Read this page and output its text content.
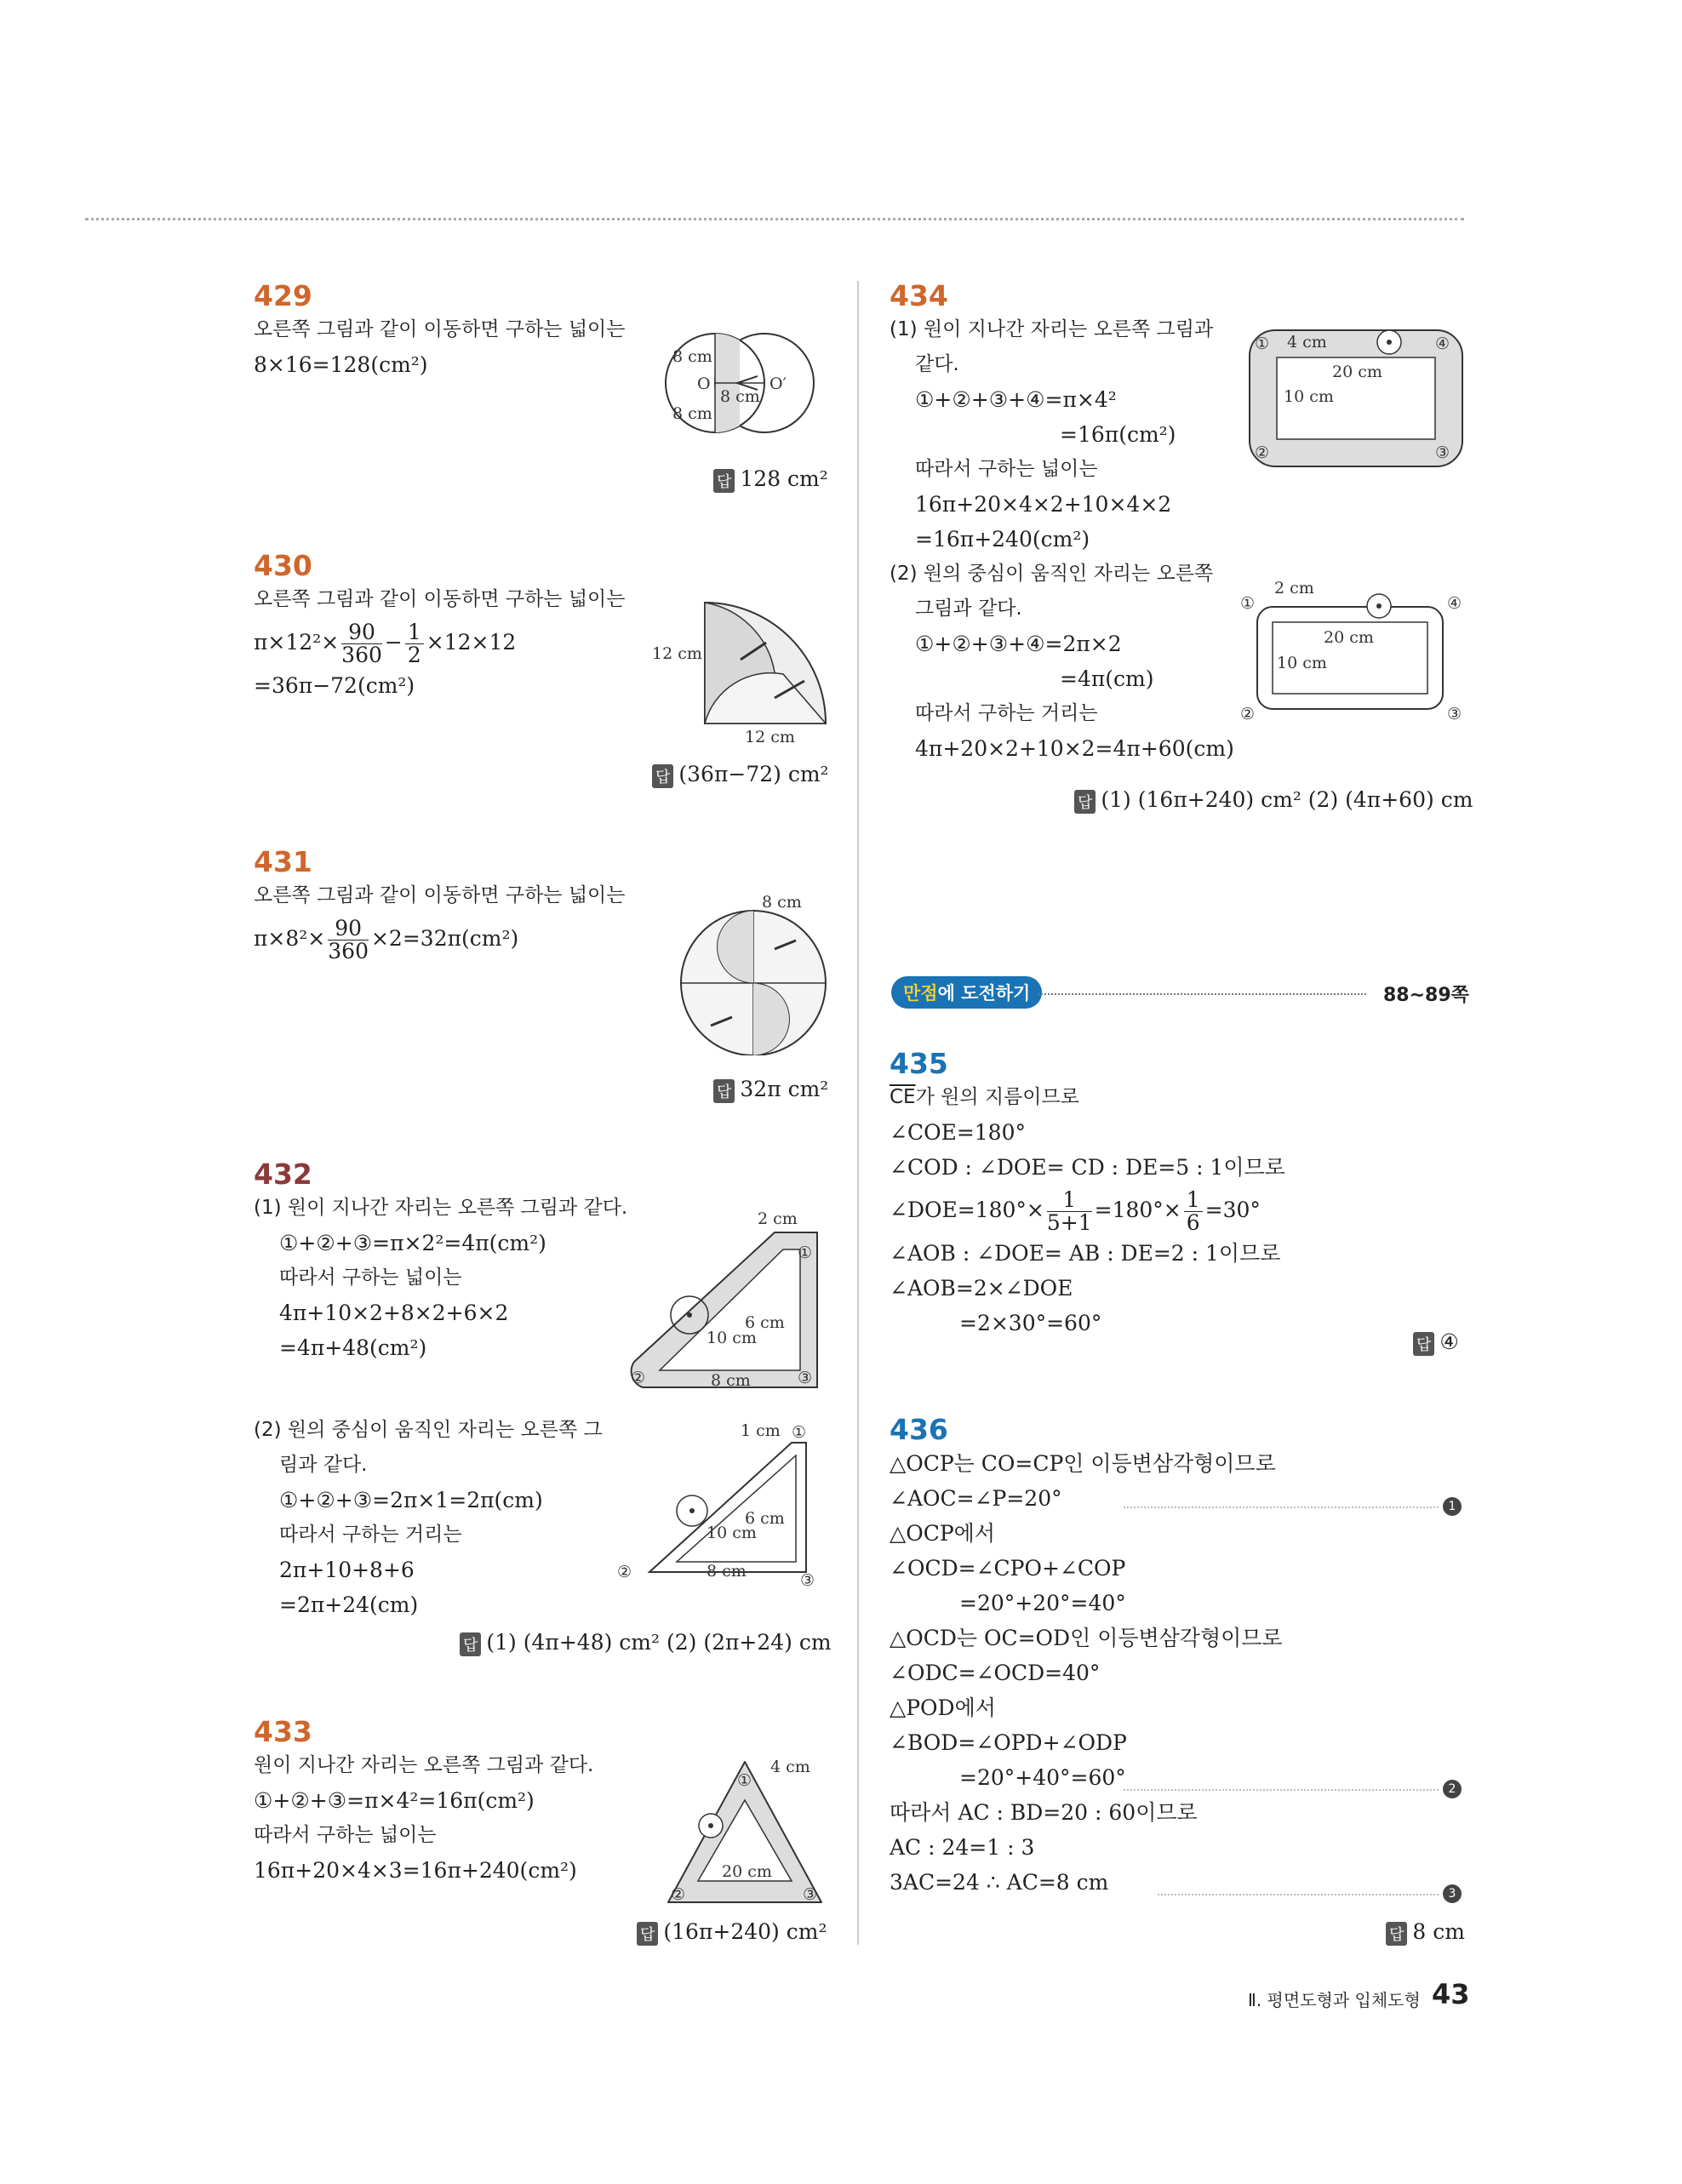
429
오른쪽 그림과 같이 이동하면 구하는 넓이는
8×16=128(cm²)	8 cm
8 cm
8 cm
O	O′
답 128 cm²
430
오른쪽 그림과 같이 이동하면 구하는 넓이는
$\pi\times 12^2\times \frac{90}{360} - \frac{1}{2} \times 12\times 12$
=36π−72(cm²)
12 cm
12 cm
답 (36π−72) cm²
431
오른쪽 그림과 같이 이동하면 구하는 넓이는
$\pi\times 8^2\times \frac{90}{360} \times 2=32\pi(cm^2)$
8 cm
답 32π cm²
432
(1) 원이 지나간 자리는 오른쪽 그림과 같다.
①+②+③=π×2²=4π(cm²)
따라서 구하는 넓이는
4π+10×2+8×2+6×2
=4π+48(cm²)
2 cm
6 cm
10 cm
8 cm
①
②	③
(2) 원의 중심이 움직인 자리는 오른쪽 그
림과 같다.
①+②+③=2π×1=2π(cm)
따라서 구하는 거리는
2π+10+8+6
=2π+24(cm)
1 cm
6 cm
10 cm
8 cm
①
②	③
답 (1) (4π+48) cm² (2) (2π+24) cm
433
원이 지나간 자리는 오른쪽 그림과 같다.
①+②+③=π×4²=16π(cm²)
따라서 구하는 넓이는
16π+20×4×3=16π+240(cm²)
4 cm
20 cm
①
②	③
답 (16π+240) cm²
434
(1) 원이 지나간 자리는 오른쪽 그림과
같다.
①+②+③+④=π×4²
=16π(cm²)
따라서 구하는 넓이는
16π+20×4×2+10×4×2
=16π+240(cm²)
(2) 원의 중심이 움직인 자리는 오른쪽
그림과 같다.
①+②+③+④=2π×2
=4π(cm)
따라서 구하는 거리는
4π+20×2+10×2=4π+60(cm)
4 cm
20 cm
10 cm
①
②	③
④
2 cm
20 cm
10 cm
①
②	③
④
답 (1) (16π+240) cm² (2) (4π+60) cm
만점에 도전하기	88~89쪽
435
$\overline{CE}$가 원의 지름이므로
∠COE=180°
∠COD : ∠DOE= CD : DE=5 : 1이므로
∠DOE=180°× $\frac{1}{5+1} =180^\circ\times \frac{1}{6} =30^\circ$
∠AOB : ∠DOE= AB : DE=2 : 1이므로
∠AOB=2×∠DOE
=2×30°=60°
답 ④
436
△OCP는 CO=CP인 이등변삼각형이므로
∠AOC=∠P=20°
△OCP에서
∠OCD=∠CPO+∠COP
=20°+20°=40°
△OCD는 OC=OD인 이등변삼각형이므로
∠ODC=∠OCD=40°
△POD에서
∠BOD=∠OPD+∠ODP
=20°+40°=60°
따라서 AC : BD=20 : 60이므로
AC : 24=1 : 3
3AC=24 ∴ AC=8 cm
1
2
3
답 8 cm
Ⅱ. 평면도형과 입체도형 43
